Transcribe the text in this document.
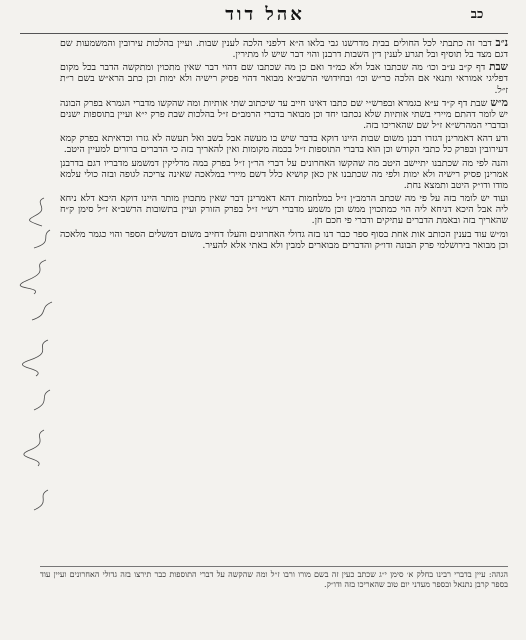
כב
אהל דוד

נ״ב דבר זה כתבתי לכל החולים בבית מדרשנו גבי בלאו ה״א דלפני הלכה לענין שבות. ועיין בהלכות עירובין והמשמעות שם דגם מצד בל תוסיף ובל תגרע לענין דין השבות דרבנן והוי דבר שיש לו מתירין.

שבת דף ק״ב ע״ב וכו׳ מה שכתבו אבל ולא כמ״ד ואם כן מה שכתבו שם דהוי דבר שאין מתכוין ומתקשה הדבר בכל מקום דפליגי אמוראי ותנאי אם הלכה כר״ש וכו׳ ובחידושי הרשב״א מבואר דהוי פסיק רישיה ולא ימות וכן כתב הרא״ש בשם ר״ת ז״ל.

מ״ש שבת דף ק״ד ע״א בגמרא ובפרש״י שם כתבו דאינו חייב עד שיכתוב שתי אותיות ומה שהקשו מדברי הגמרא בפרק הבונה יש לומר דהתם מיירי בשתי אותיות שלא נכתבו יחד וכן מבואר בדברי הרמב״ם ז״ל בהלכות שבת פרק י״א ועיין בתוספות ישנים ובדברי המהרש״א ז״ל שם שהאריכו בזה.

ודע דהא דאמרינן דגזרו רבנן משום שבות היינו דוקא בדבר שיש בו מעשה אבל בשב ואל תעשה לא גזרו וכדאיתא בפרק קמא דעירובין ובפרק כל כתבי הקודש וכן הוא בדברי התוספות ז״ל בכמה מקומות ואין להאריך בזה כי הדברים ברורים למעיין היטב.

והנה לפי מה שכתבנו יתיישב היטב מה שהקשו האחרונים על דברי הר״ן ז״ל בפרק במה מדליקין דמשמע מדבריו דגם בדרבנן אמרינן פסיק רישיה ולא ימות ולפי מה שכתבנו אין כאן קושיא כלל דשם מיירי במלאכה שאינה צריכה לגופה ובזה כולי עלמא מודו ודו״ק היטב ותמצא נחת.

ועוד יש לומר בזה על פי מה שכתב הרמב״ן ז״ל במלחמות דהא דאמרינן דבר שאין מתכוין מותר היינו דוקא היכא דלא ניחא ליה אבל היכא דניחא ליה הוי כמתכוין ממש וכן משמע מדברי רש״י ז״ל בפרק הזורק ועיין בתשובות הרשב״א ז״ל סימן ק״ח שהאריך בזה ובאמת הדברים עתיקים ודברי פי חכם חן.

ומ״ש עוד בענין הכותב אות אחת בסוף ספר כבר דנו בזה גדולי האחרונים והעלו דחייב משום דמשלים הספר והוי כגמר מלאכה וכן מבואר בירושלמי פרק הבונה ודו״ק והדברים מבוארים למבין ולא באתי אלא להעיר.

הגהה: עיין בדברי רבינו בחלק א׳ סימן י״ג שכתב כעין זה בשם מורו ורבו ז״ל ומה שהקשה על דברי התוספות כבר תירצו בזה גדולי האחרונים ועיין עוד בספר קרבן נתנאל ובספר מעדני יום טוב שהאריכו בזה ודו״ק.
